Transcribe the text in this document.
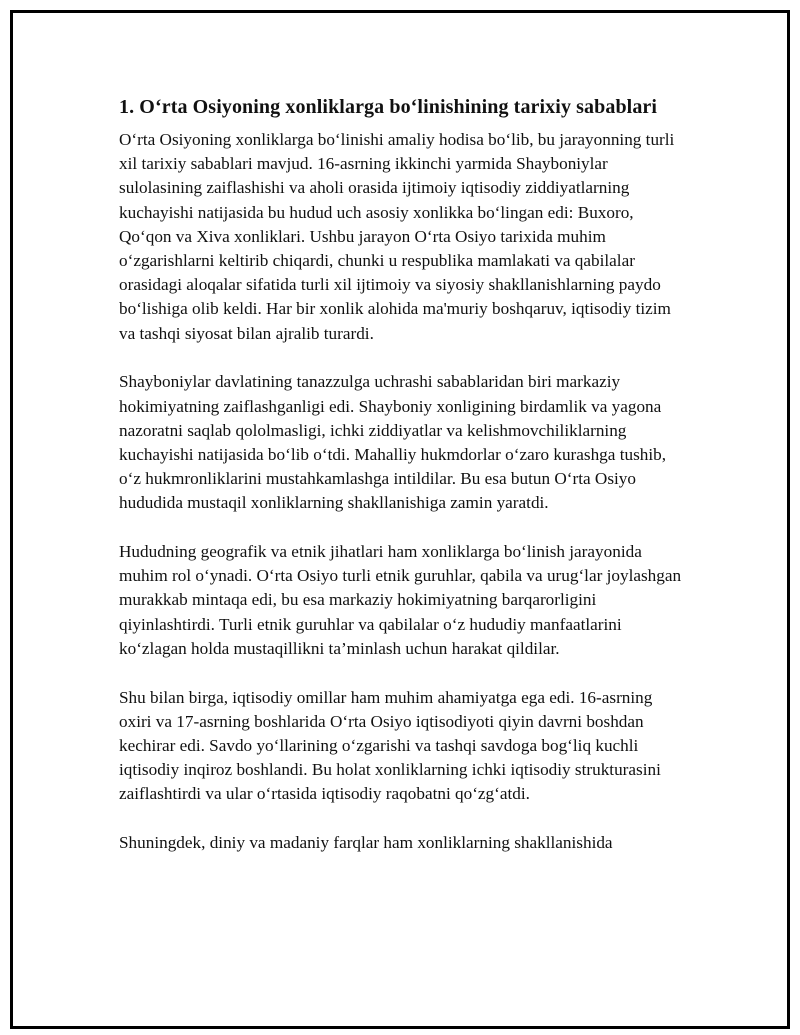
1. O‘rta Osiyoning xonliklarga bo‘linishining tarixiy sabablari

O‘rta Osiyoning xonliklarga bo‘linishi amaliy hodisa bo‘lib, bu jarayonning turli xil tarixiy sabablari mavjud. 16-asrning ikkinchi yarmida Shayboniylar sulolasining zaiflashishi va aholi orasida ijtimoiy iqtisodiy ziddiyatlarning kuchayishi natijasida bu hudud uch asosiy xonlikka bo‘lingan edi: Buxoro, Qo‘qon va Xiva xonliklari. Ushbu jarayon O‘rta Osiyo tarixida muhim o‘zgarishlarni keltirib chiqardi, chunki u respublika mamlakati va qabilalar orasidagi aloqalar sifatida turli xil ijtimoiy va siyosiy shakllanishlarning paydo bo‘lishiga olib keldi. Har bir xonlik alohida ma'muriy boshqaruv, iqtisodiy tizim va tashqi siyosat bilan ajralib turardi.

Shayboniylar davlatining tanazzulga uchrashi sabablaridan biri markaziy hokimiyatning zaiflashganligi edi. Shayboniy xonligining birdamlik va yagona nazoratni saqlab qololmasligi, ichki ziddiyatlar va kelishmovchiliklarning kuchayishi natijasida bo‘lib o‘tdi. Mahalliy hukmdorlar o‘zaro kurashga tushib, o‘z hukmronliklarini mustahkamlashga intildilar. Bu esa butun O‘rta Osiyo hududida mustaqil xonliklarning shakllanishiga zamin yaratdi.

Hududning geografik va etnik jihatlari ham xonliklarga bo‘linish jarayonida muhim rol o‘ynadi. O‘rta Osiyo turli etnik guruhlar, qabila va urug‘lar joylashgan murakkab mintaqa edi, bu esa markaziy hokimiyatning barqarorligini qiyinlashtirdi. Turli etnik guruhlar va qabilalar o‘z hududiy manfaatlarini ko‘zlagan holda mustaqillikni ta’minlash uchun harakat qildilar.

Shu bilan birga, iqtisodiy omillar ham muhim ahamiyatga ega edi. 16-asrning oxiri va 17-asrning boshlarida O‘rta Osiyo iqtisodiyoti qiyin davrni boshdan kechirar edi. Savdo yo‘llarining o‘zgarishi va tashqi savdoga bog‘liq kuchli iqtisodiy inqiroz boshlandi. Bu holat xonliklarning ichki iqtisodiy strukturasini zaiflashtirdi va ular o‘rtasida iqtisodiy raqobatni qo‘zg‘atdi.

Shuningdek, diniy va madaniy farqlar ham xonliklarning shakllanishida
